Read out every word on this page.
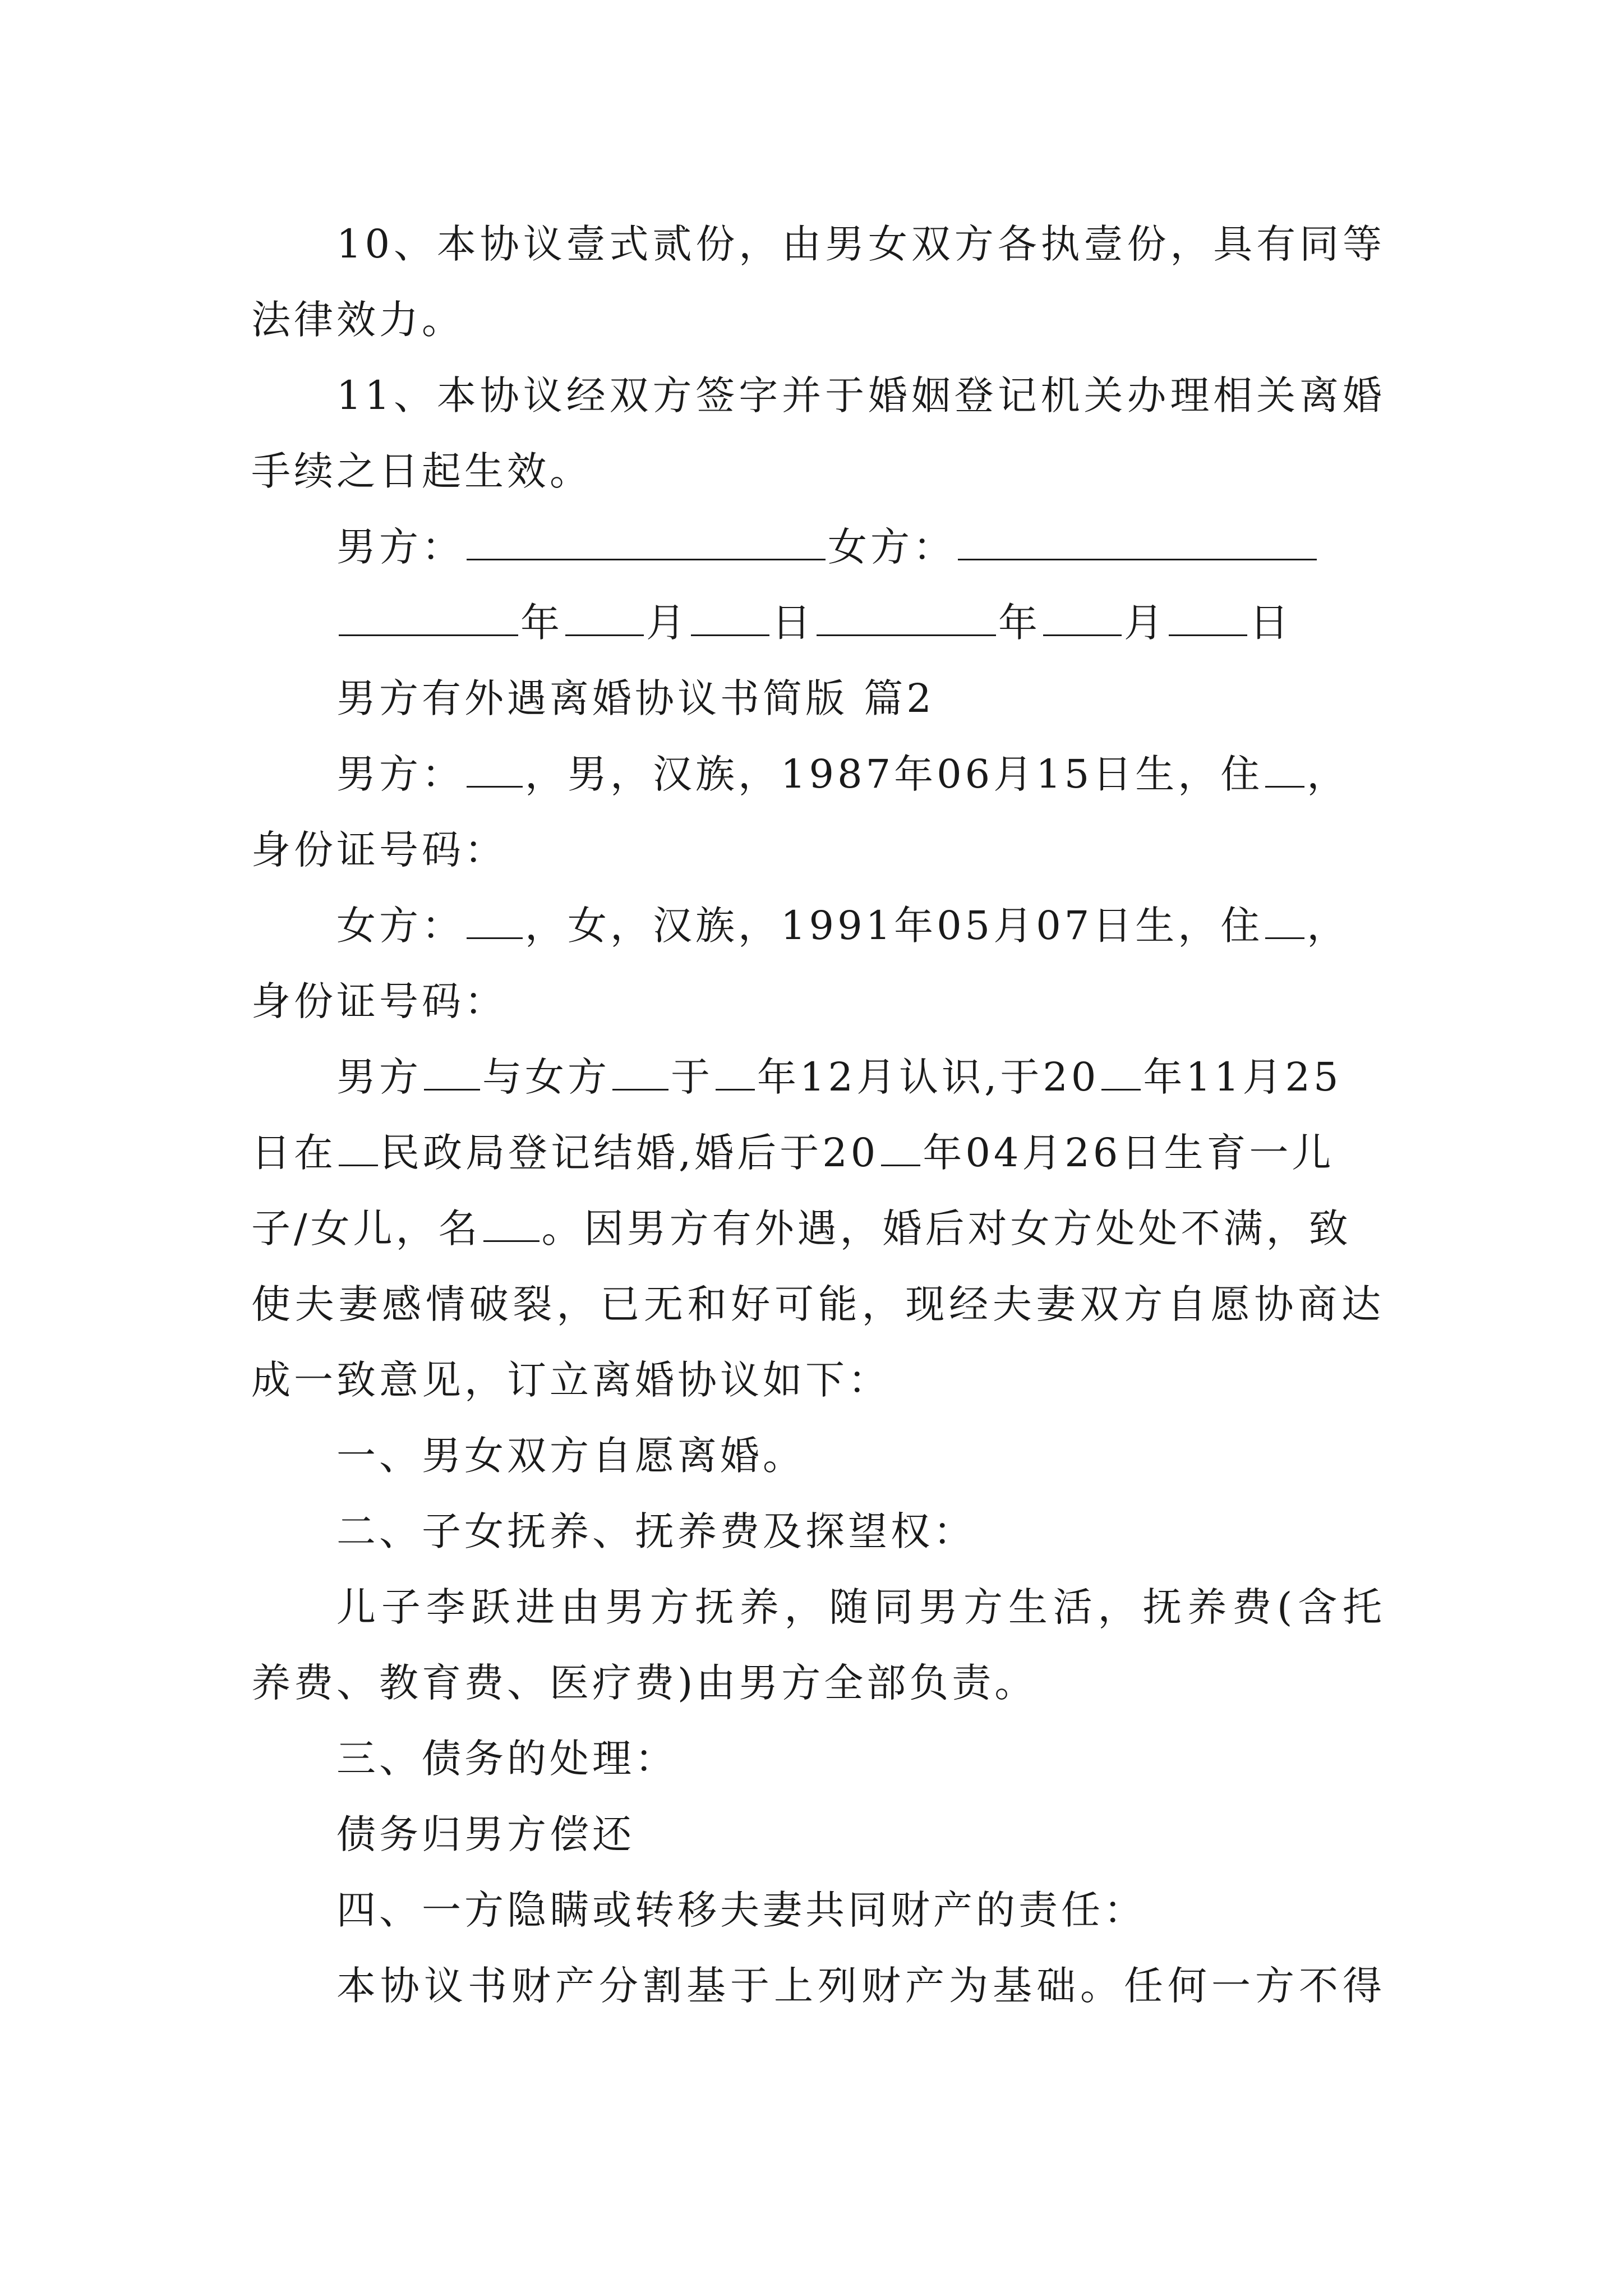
10、本协议壹式贰份，由男女双方各执壹份，具有同等
法律效力。
11、本协议经双方签字并于婚姻登记机关办理相关离婚
手续之日起生效。
男方：	女方：
年 月 日	年 月 日
男方有外遇离婚协议书简版 篇2
男方： ，男，汉族，1987年06月15日生，住 ，
身份证号码：
女方： ，女，汉族，1991年05月07日生，住 ，
身份证号码：
男方 与女方 于 年12月认识,于20 年11月25
日在 民政局登记结婚,婚后于20 年04月26日生育一儿
子/女儿，名 。因男方有外遇，婚后对女方处处不满，致
使夫妻感情破裂，已无和好可能，现经夫妻双方自愿协商达
成一致意见，订立离婚协议如下：
一、男女双方自愿离婚。
二、子女抚养、抚养费及探望权：
儿子李跃进由男方抚养，随同男方生活，抚养费(含托
养费、教育费、医疗费)由男方全部负责。
三、债务的处理：
债务归男方偿还
四、一方隐瞒或转移夫妻共同财产的责任：
本协议书财产分割基于上列财产为基础。任何一方不得
